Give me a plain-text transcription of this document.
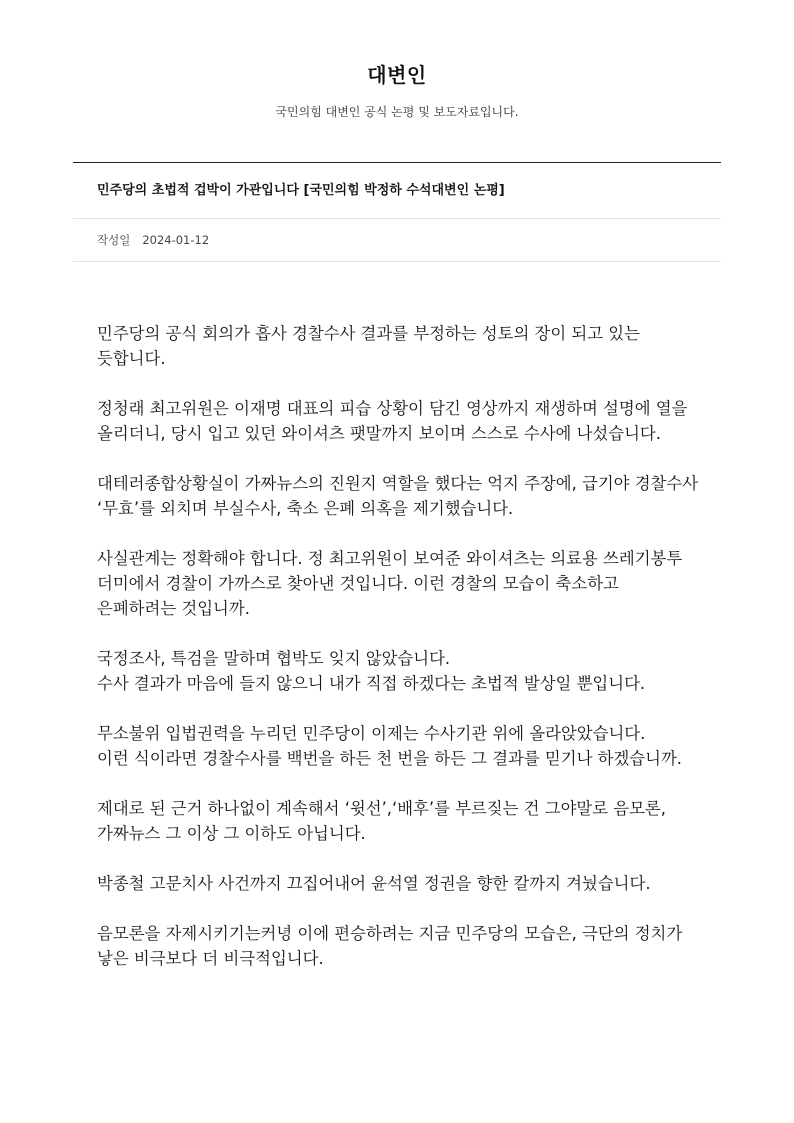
대변인
국민의힘 대변인 공식 논평 및 보도자료입니다.
민주당의 초법적 겁박이 가관입니다 [국민의힘 박정하 수석대변인 논평]
작성일 2024-01-12

민주당의 공식 회의가 흡사 경찰수사 결과를 부정하는 성토의 장이 되고 있는 듯합니다.

정청래 최고위원은 이재명 대표의 피습 상황이 담긴 영상까지 재생하며 설명에 열을 올리더니, 당시 입고 있던 와이셔츠 팻말까지 보이며 스스로 수사에 나섰습니다.

대테러종합상황실이 가짜뉴스의 진원지 역할을 했다는 억지 주장에, 급기야 경찰수사 ‘무효’를 외치며 부실수사, 축소 은폐 의혹을 제기했습니다.

사실관계는 정확해야 합니다. 정 최고위원이 보여준 와이셔츠는 의료용 쓰레기봉투 더미에서 경찰이 가까스로 찾아낸 것입니다. 이런 경찰의 모습이 축소하고 은폐하려는 것입니까.

국정조사, 특검을 말하며 협박도 잊지 않았습니다.
수사 결과가 마음에 들지 않으니 내가 직접 하겠다는 초법적 발상일 뿐입니다.

무소불위 입법권력을 누리던 민주당이 이제는 수사기관 위에 올라앉았습니다.
이런 식이라면 경찰수사를 백번을 하든 천 번을 하든 그 결과를 믿기나 하겠습니까.

제대로 된 근거 하나없이 계속해서 ‘윗선’,‘배후’를 부르짖는 건 그야말로 음모론, 가짜뉴스 그 이상 그 이하도 아닙니다.

박종철 고문치사 사건까지 끄집어내어 윤석열 정권을 향한 칼까지 겨눴습니다.

음모론을 자제시키기는커녕 이에 편승하려는 지금 민주당의 모습은, 극단의 정치가 낳은 비극보다 더 비극적입니다.
